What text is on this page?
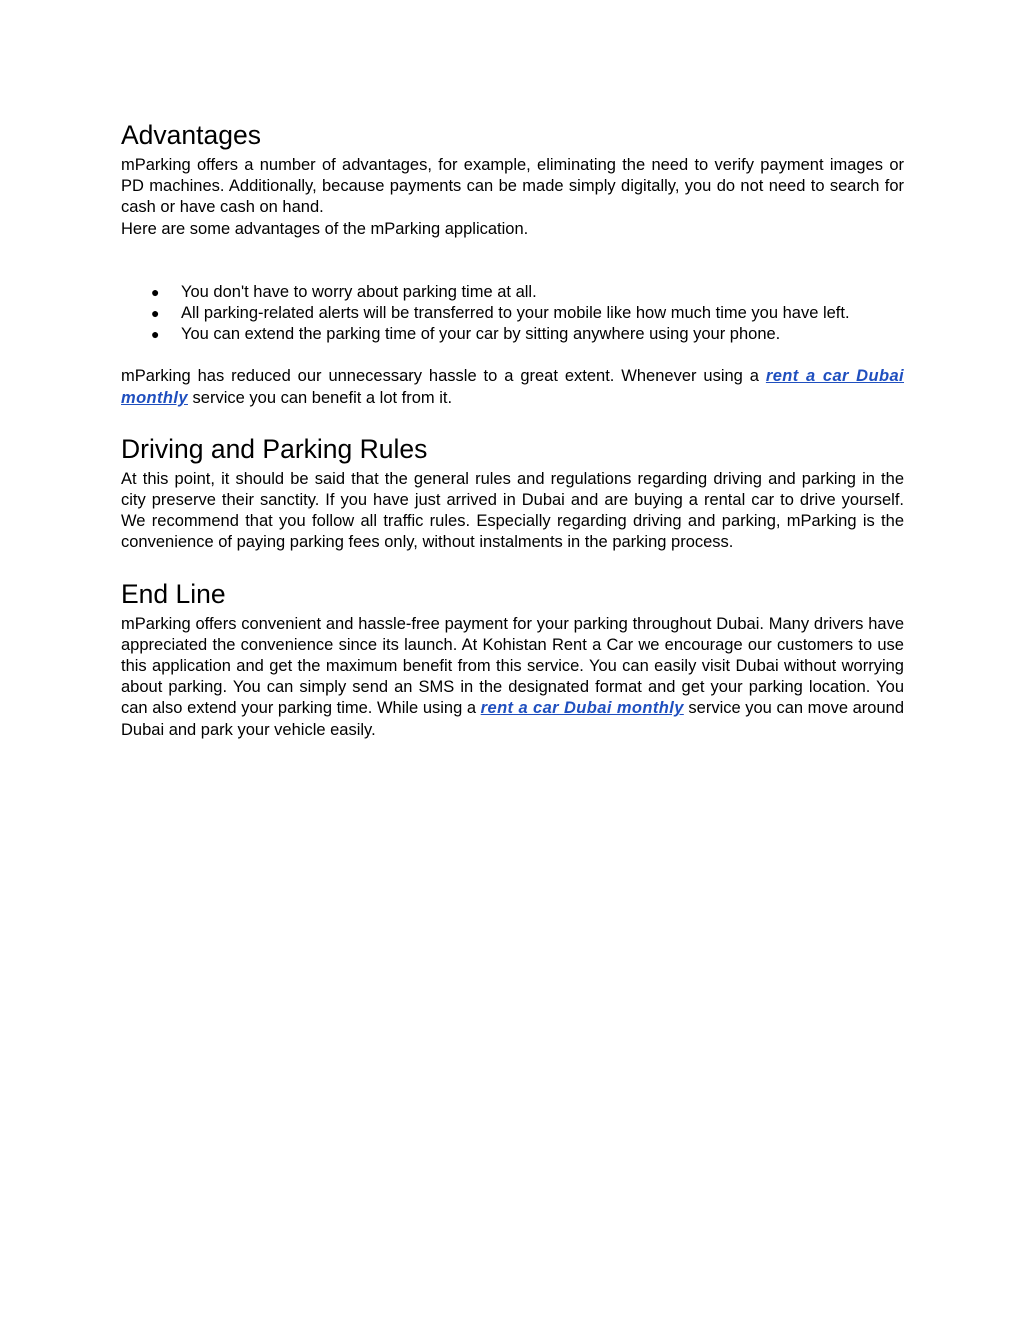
Advantages

mParking offers a number of advantages, for example, eliminating the need to verify payment images or PD machines. Additionally, because payments can be made simply digitally, you do not need to search for cash or have cash on hand.

Here are some advantages of the mParking application.

● You don't have to worry about parking time at all.
● All parking-related alerts will be transferred to your mobile like how much time you have left.
● You can extend the parking time of your car by sitting anywhere using your phone.

mParking has reduced our unnecessary hassle to a great extent. Whenever using a rent a car Dubai monthly service you can benefit a lot from it.

Driving and Parking Rules

At this point, it should be said that the general rules and regulations regarding driving and parking in the city preserve their sanctity. If you have just arrived in Dubai and are buying a rental car to drive yourself. We recommend that you follow all traffic rules. Especially regarding driving and parking, mParking is the convenience of paying parking fees only, without instalments in the parking process.

End Line

mParking offers convenient and hassle-free payment for your parking throughout Dubai. Many drivers have appreciated the convenience since its launch. At Kohistan Rent a Car we encourage our customers to use this application and get the maximum benefit from this service. You can easily visit Dubai without worrying about parking. You can simply send an SMS in the designated format and get your parking location. You can also extend your parking time. While using a rent a car Dubai monthly service you can move around Dubai and park your vehicle easily.
